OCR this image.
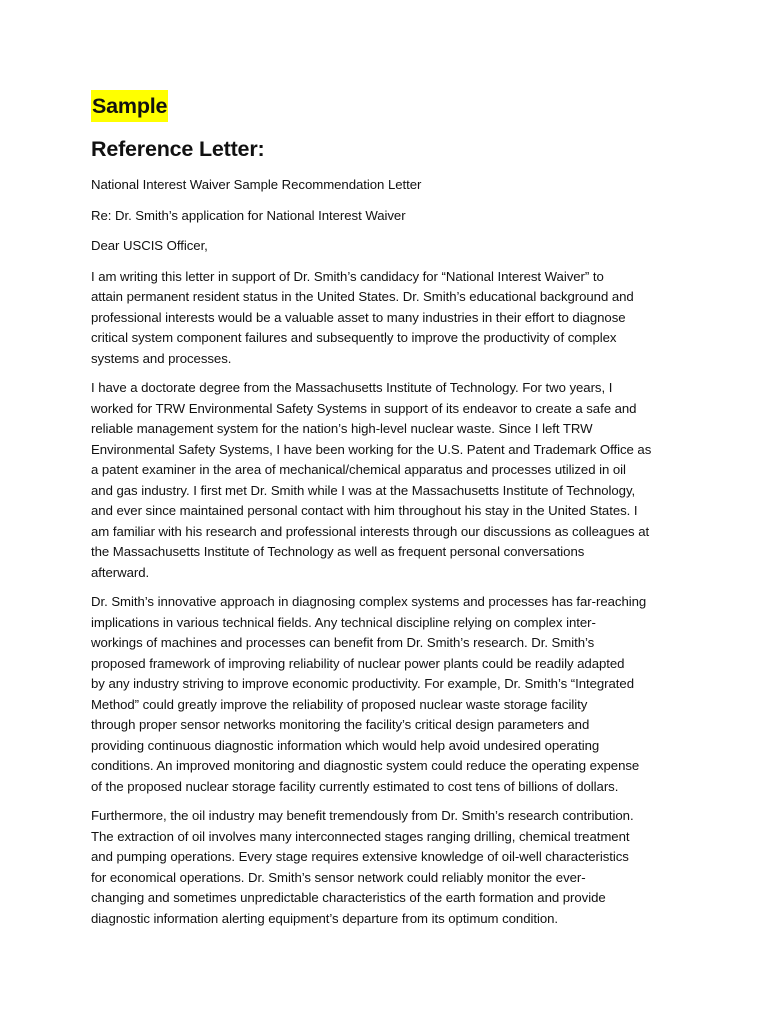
Sample
Reference Letter:
National Interest Waiver Sample Recommendation Letter
Re: Dr. Smith’s application for National Interest Waiver
Dear USCIS Officer,
I am writing this letter in support of Dr. Smith’s candidacy for “National Interest Waiver” to
attain permanent resident status in the United States. Dr. Smith’s educational background and
professional interests would be a valuable asset to many industries in their effort to diagnose
critical system component failures and subsequently to improve the productivity of complex
systems and processes.
I have a doctorate degree from the Massachusetts Institute of Technology. For two years, I
worked for TRW Environmental Safety Systems in support of its endeavor to create a safe and
reliable management system for the nation’s high-level nuclear waste. Since I left TRW
Environmental Safety Systems, I have been working for the U.S. Patent and Trademark Office as
a patent examiner in the area of mechanical/chemical apparatus and processes utilized in oil
and gas industry. I first met Dr. Smith while I was at the Massachusetts Institute of Technology,
and ever since maintained personal contact with him throughout his stay in the United States. I
am familiar with his research and professional interests through our discussions as colleagues at
the Massachusetts Institute of Technology as well as frequent personal conversations
afterward.
Dr. Smith’s innovative approach in diagnosing complex systems and processes has far-reaching
implications in various technical fields. Any technical discipline relying on complex inter-
workings of machines and processes can benefit from Dr. Smith’s research. Dr. Smith’s
proposed framework of improving reliability of nuclear power plants could be readily adapted
by any industry striving to improve economic productivity. For example, Dr. Smith’s “Integrated
Method” could greatly improve the reliability of proposed nuclear waste storage facility
through proper sensor networks monitoring the facility’s critical design parameters and
providing continuous diagnostic information which would help avoid undesired operating
conditions. An improved monitoring and diagnostic system could reduce the operating expense
of the proposed nuclear storage facility currently estimated to cost tens of billions of dollars.
Furthermore, the oil industry may benefit tremendously from Dr. Smith’s research contribution.
The extraction of oil involves many interconnected stages ranging drilling, chemical treatment
and pumping operations. Every stage requires extensive knowledge of oil-well characteristics
for economical operations. Dr. Smith’s sensor network could reliably monitor the ever-
changing and sometimes unpredictable characteristics of the earth formation and provide
diagnostic information alerting equipment’s departure from its optimum condition.
